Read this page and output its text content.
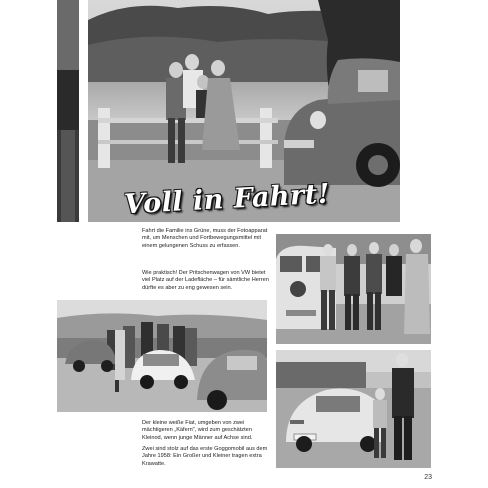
Voll in Fahrt!

Fahrt die Familie ins Grüne, muss der Fotoapparat mit, um Menschen und Fortbewegungsmittel mit einem gelungenen Schuss zu erfassen.

Wie praktisch! Der Pritschenwagen von VW bietet viel Platz auf der Ladefläche – für sämtliche Herren dürfte es aber zu eng gewesen sein.

Der kleine weiße Fiat, umgeben von zwei mächtigeren „Käfern", wird zum geschätzten Kleinod, wenn junge Männer auf Achse sind.

Zwei sind stolz auf das erste Goggomobil aus dem Jahre 1958: Ein Großer und Kleiner tragen extra Krawatte.

23
